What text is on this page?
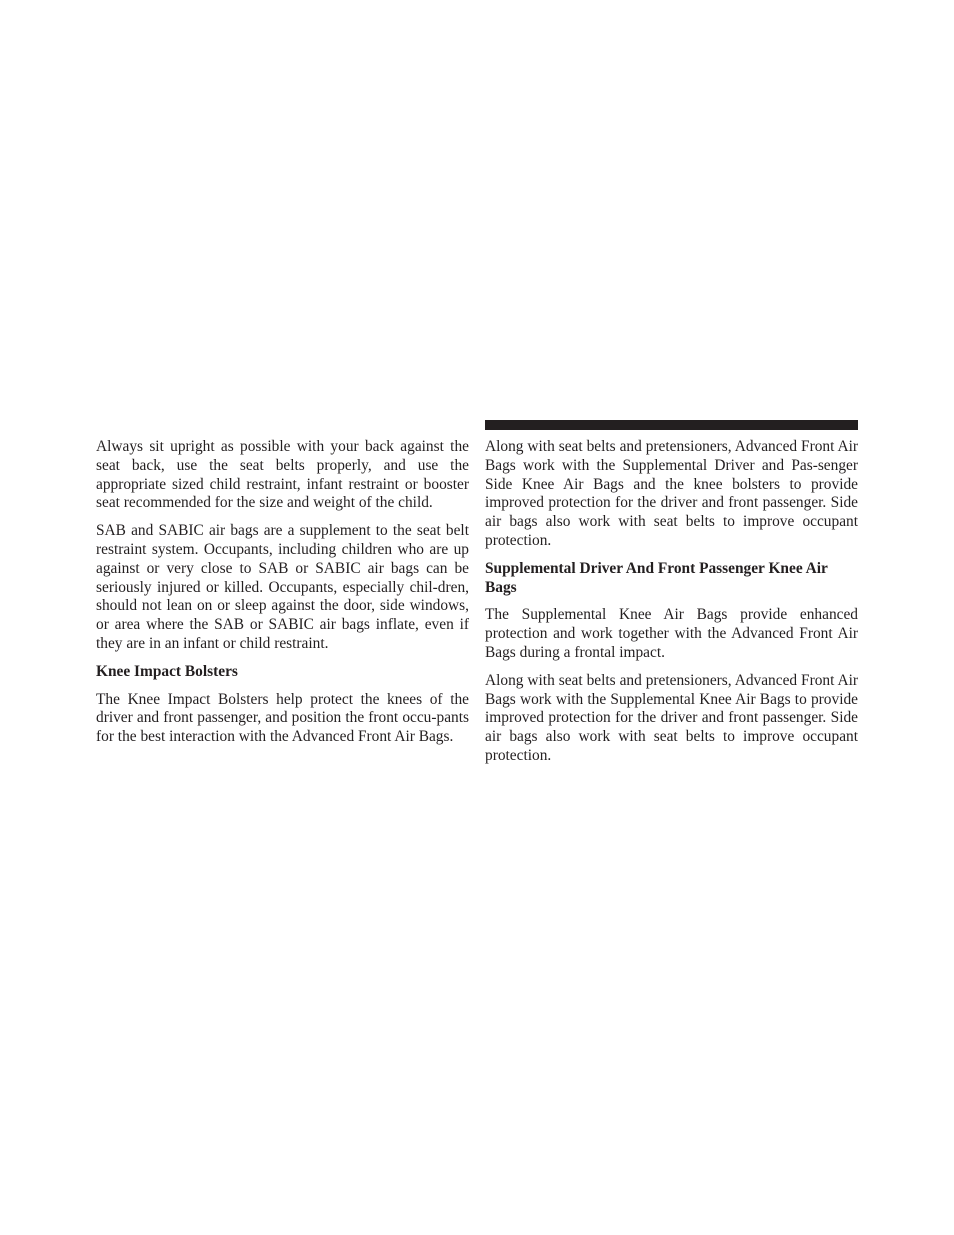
Always sit upright as possible with your back against the seat back, use the seat belts properly, and use the appropriate sized child restraint, infant restraint or booster seat recommended for the size and weight of the child.

SAB and SABIC air bags are a supplement to the seat belt restraint system. Occupants, including children who are up against or very close to SAB or SABIC air bags can be seriously injured or killed. Occupants, especially chil-dren, should not lean on or sleep against the door, side windows, or area where the SAB or SABIC air bags inflate, even if they are in an infant or child restraint.

Knee Impact Bolsters

The Knee Impact Bolsters help protect the knees of the driver and front passenger, and position the front occu-pants for the best interaction with the Advanced Front Air Bags.

Along with seat belts and pretensioners, Advanced Front Air Bags work with the Supplemental Driver and Pas-senger Side Knee Air Bags and the knee bolsters to provide improved protection for the driver and front passenger. Side air bags also work with seat belts to improve occupant protection.

Supplemental Driver And Front Passenger Knee Air Bags

The Supplemental Knee Air Bags provide enhanced protection and work together with the Advanced Front Air Bags during a frontal impact.

Along with seat belts and pretensioners, Advanced Front Air Bags work with the Supplemental Knee Air Bags to provide improved protection for the driver and front passenger. Side air bags also work with seat belts to improve occupant protection.
